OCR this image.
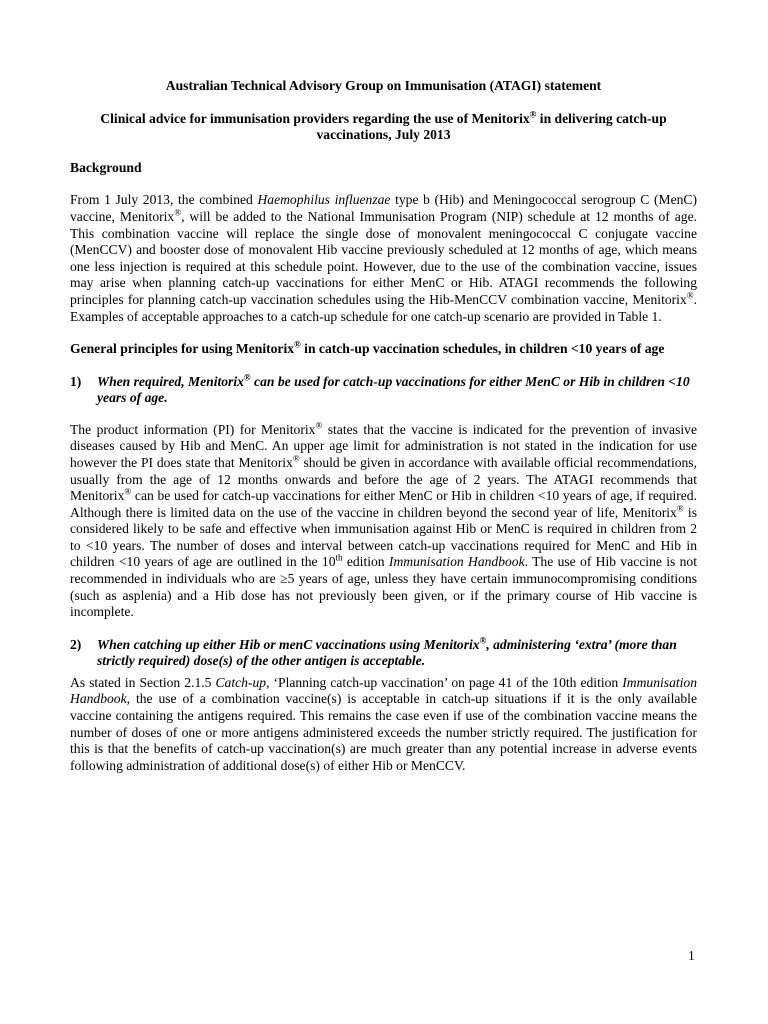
Australian Technical Advisory Group on Immunisation (ATAGI) statement

Clinical advice for immunisation providers regarding the use of Menitorix® in delivering catch-up vaccinations, July 2013

Background

From 1 July 2013, the combined Haemophilus influenzae type b (Hib) and Meningococcal serogroup C (MenC) vaccine, Menitorix®, will be added to the National Immunisation Program (NIP) schedule at 12 months of age. This combination vaccine will replace the single dose of monovalent meningococcal C conjugate vaccine (MenCCV) and booster dose of monovalent Hib vaccine previously scheduled at 12 months of age, which means one less injection is required at this schedule point. However, due to the use of the combination vaccine, issues may arise when planning catch-up vaccinations for either MenC or Hib. ATAGI recommends the following principles for planning catch-up vaccination schedules using the Hib-MenCCV combination vaccine, Menitorix®. Examples of acceptable approaches to a catch-up schedule for one catch-up scenario are provided in Table 1.

General principles for using Menitorix® in catch-up vaccination schedules, in children <10 years of age

1)	When required, Menitorix® can be used for catch-up vaccinations for either MenC or Hib in children <10 years of age.

The product information (PI) for Menitorix® states that the vaccine is indicated for the prevention of invasive diseases caused by Hib and MenC. An upper age limit for administration is not stated in the indication for use however the PI does state that Menitorix® should be given in accordance with available official recommendations, usually from the age of 12 months onwards and before the age of 2 years. The ATAGI recommends that Menitorix® can be used for catch-up vaccinations for either MenC or Hib in children <10 years of age, if required. Although there is limited data on the use of the vaccine in children beyond the second year of life, Menitorix® is considered likely to be safe and effective when immunisation against Hib or MenC is required in children from 2 to <10 years. The number of doses and interval between catch-up vaccinations required for MenC and Hib in children <10 years of age are outlined in the 10th edition Immunisation Handbook. The use of Hib vaccine is not recommended in individuals who are ≥5 years of age, unless they have certain immunocompromising conditions (such as asplenia) and a Hib dose has not previously been given, or if the primary course of Hib vaccine is incomplete.

2)	When catching up either Hib or menC vaccinations using Menitorix®, administering ‘extra’ (more than strictly required) dose(s) of the other antigen is acceptable.

As stated in Section 2.1.5 Catch-up, ‘Planning catch-up vaccination’ on page 41 of the 10th edition Immunisation Handbook, the use of a combination vaccine(s) is acceptable in catch-up situations if it is the only available vaccine containing the antigens required. This remains the case even if use of the combination vaccine means the number of doses of one or more antigens administered exceeds the number strictly required. The justification for this is that the benefits of catch-up vaccination(s) are much greater than any potential increase in adverse events following administration of additional dose(s) of either Hib or MenCCV.

1
